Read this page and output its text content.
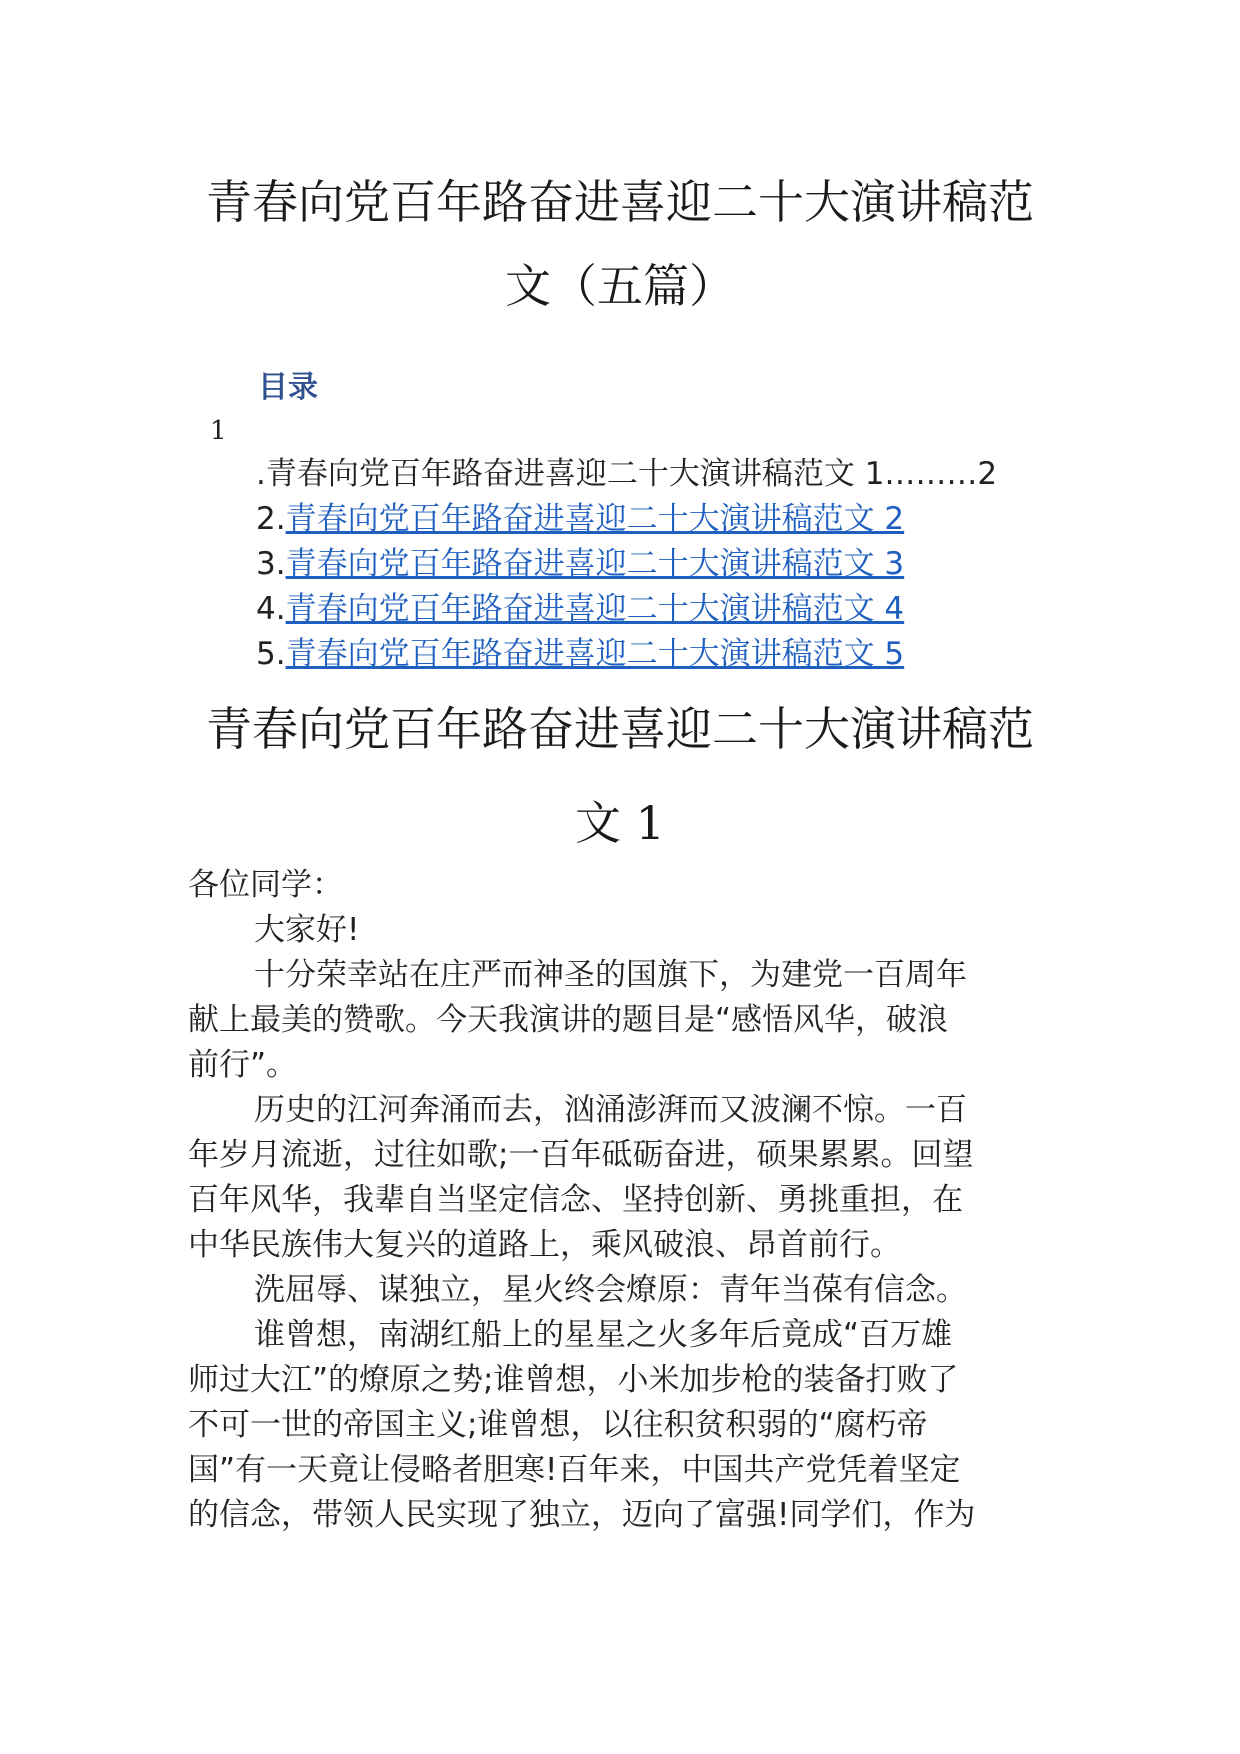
青春向党百年路奋进喜迎二十大演讲稿范
文（五篇）
目录
1
.青春向党百年路奋进喜迎二十大演讲稿范文 1………2
2.青春向党百年路奋进喜迎二十大演讲稿范文 2
3.青春向党百年路奋进喜迎二十大演讲稿范文 3
4.青春向党百年路奋进喜迎二十大演讲稿范文 4
5.青春向党百年路奋进喜迎二十大演讲稿范文 5
青春向党百年路奋进喜迎二十大演讲稿范
文 1

各位同学：

大家好!

十分荣幸站在庄严而神圣的国旗下，为建党一百周年
献上最美的赞歌。今天我演讲的题目是“感悟风华，破浪
前行”。

历史的江河奔涌而去，汹涌澎湃而又波澜不惊。一百
年岁月流逝，过往如歌;一百年砥砺奋进，硕果累累。回望
百年风华，我辈自当坚定信念、坚持创新、勇挑重担，在
中华民族伟大复兴的道路上，乘风破浪、昂首前行。

洗屈辱、谋独立，星火终会燎原：青年当葆有信念。

谁曾想，南湖红船上的星星之火多年后竟成“百万雄
师过大江”的燎原之势;谁曾想，小米加步枪的装备打败了
不可一世的帝国主义;谁曾想，以往积贫积弱的“腐朽帝
国”有一天竟让侵略者胆寒!百年来，中国共产党凭着坚定
的信念，带领人民实现了独立，迈向了富强!同学们，作为
